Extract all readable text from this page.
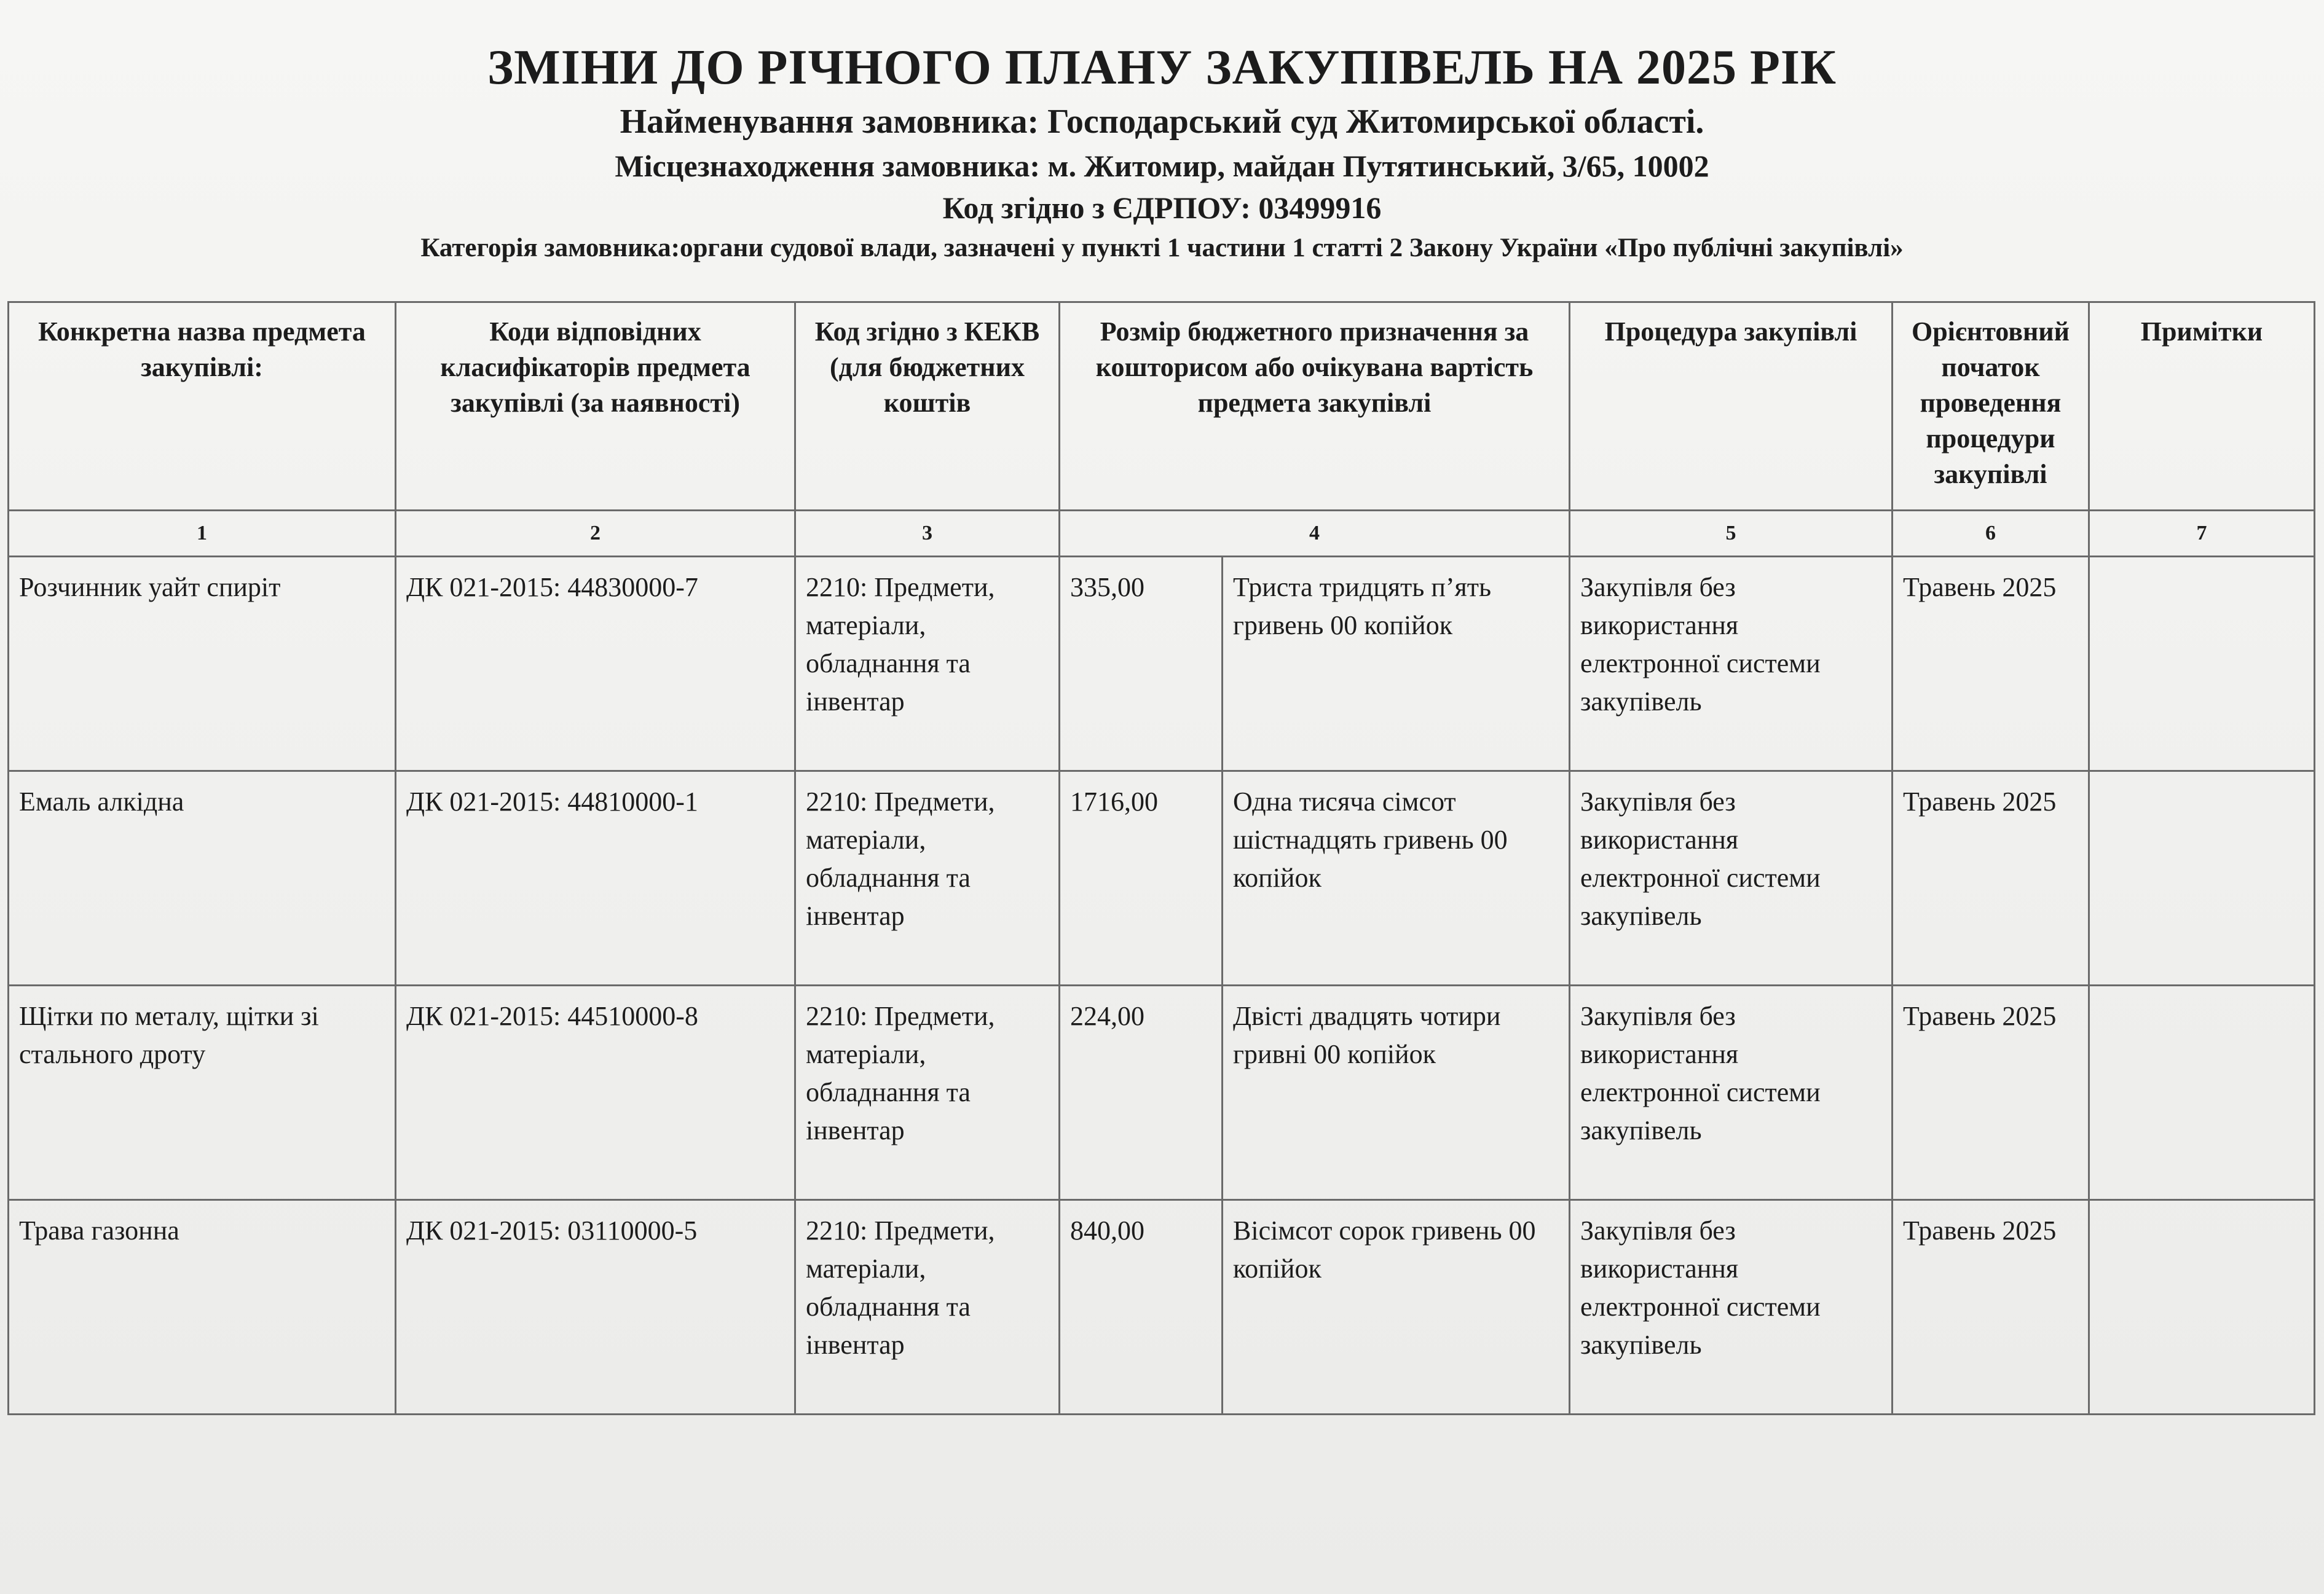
ЗМІНИ ДО РІЧНОГО ПЛАНУ ЗАКУПІВЕЛЬ НА 2025 РІК

Найменування замовника: Господарський суд Житомирської області.

Місцезнаходження замовника: м. Житомир, майдан Путятинський, 3/65, 10002

Код згідно з ЄДРПОУ: 03499916

Категорія замовника:органи судової влади, зазначені у пункті 1 частини 1 статті 2 Закону України «Про публічні закупівлі»

Конкретна назва предмета закупівлі:	Коди відповідних класифікаторів предмета закупівлі (за наявності)	Код згідно з КЕКВ (для бюджетних коштів	Розмір бюджетного призначення за кошторисом або очікувана вартість предмета закупівлі		Процедура закупівлі	Орієнтовний початок проведення процедури закупівлі	Примітки
1	2	3	4		5	6	7
Розчинник уайт спиріт	ДК 021-2015: 44830000-7	2210: Предмети, матеріали, обладнання та інвентар	335,00	Триста тридцять п’ять гривень 00 копійок	Закупівля без використання електронної системи закупівель	Травень 2025	
Емаль алкідна	ДК 021-2015: 44810000-1	2210: Предмети, матеріали, обладнання та інвентар	1716,00	Одна тисяча сімсот шістнадцять гривень 00 копійок	Закупівля без використання електронної системи закупівель	Травень 2025	
Щітки по металу, щітки зі стального дроту	ДК 021-2015: 44510000-8	2210: Предмети, матеріали, обладнання та інвентар	224,00	Двісті двадцять чотири гривні 00 копійок	Закупівля без використання електронної системи закупівель	Травень 2025	
Трава газонна	ДК 021-2015: 03110000-5	2210: Предмети, матеріали, обладнання та інвентар	840,00	Вісімсот сорок гривень 00 копійок	Закупівля без використання електронної системи закупівель	Травень 2025	
